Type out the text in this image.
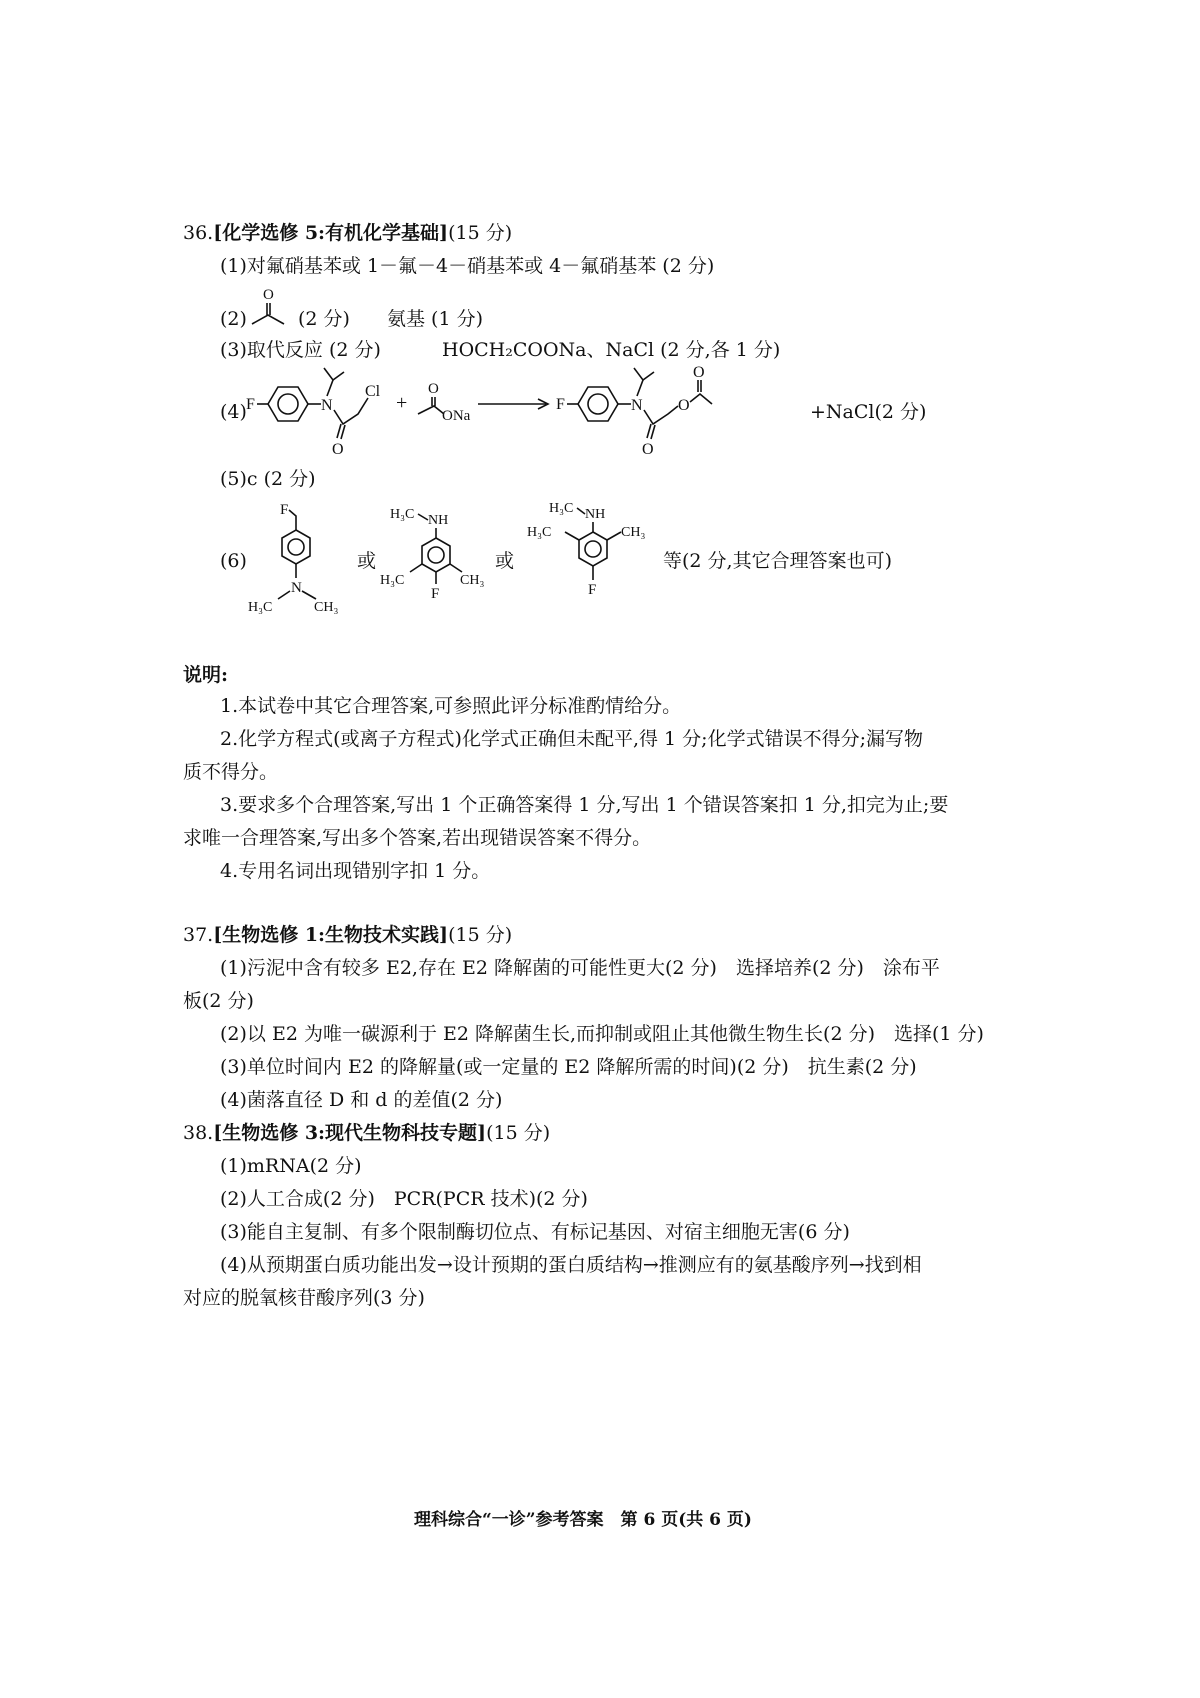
36.[化学选修 5:有机化学基础](15 分)
(1)对氟硝基苯或 1－氟－4－硝基苯或 4－氟硝基苯 (2 分)
(2)
O
(2 分) 氨基 (1 分)
(3)取代反应 (2 分)	HOCH₂COONa、NaCl (2 分,各 1 分)
(4) F	N
Cl
O
+
O
ONa
F	N O
O
O
+NaCl(2 分)
(5)c (2 分)
(6)
F
N
H₃C	CH₃
或
H₃C NH
H₃C	CH₃
F
或
H₃C NH
H₃C	CH₃
F
等(2 分,其它合理答案也可)
说明:
1.本试卷中其它合理答案,可参照此评分标准酌情给分。
2.化学方程式(或离子方程式)化学式正确但未配平,得 1 分;化学式错误不得分;漏写物
质不得分。
3.要求多个合理答案,写出 1 个正确答案得 1 分,写出 1 个错误答案扣 1 分,扣完为止;要
求唯一合理答案,写出多个答案,若出现错误答案不得分。
4.专用名词出现错别字扣 1 分。
37.[生物选修 1:生物技术实践](15 分)
(1)污泥中含有较多 E2,存在 E2 降解菌的可能性更大(2 分)　选择培养(2 分)　涂布平
板(2 分)
(2)以 E2 为唯一碳源利于 E2 降解菌生长,而抑制或阻止其他微生物生长(2 分)　选择(1 分)
(3)单位时间内 E2 的降解量(或一定量的 E2 降解所需的时间)(2 分)　抗生素(2 分)
(4)菌落直径 D 和 d 的差值(2 分)
38.[生物选修 3:现代生物科技专题](15 分)
(1)mRNA(2 分)
(2)人工合成(2 分)　PCR(PCR 技术)(2 分)
(3)能自主复制、有多个限制酶切位点、有标记基因、对宿主细胞无害(6 分)
(4)从预期蛋白质功能出发→设计预期的蛋白质结构→推测应有的氨基酸序列→找到相
对应的脱氧核苷酸序列(3 分)
理科综合“一诊”参考答案　第 6 页(共 6 页)
